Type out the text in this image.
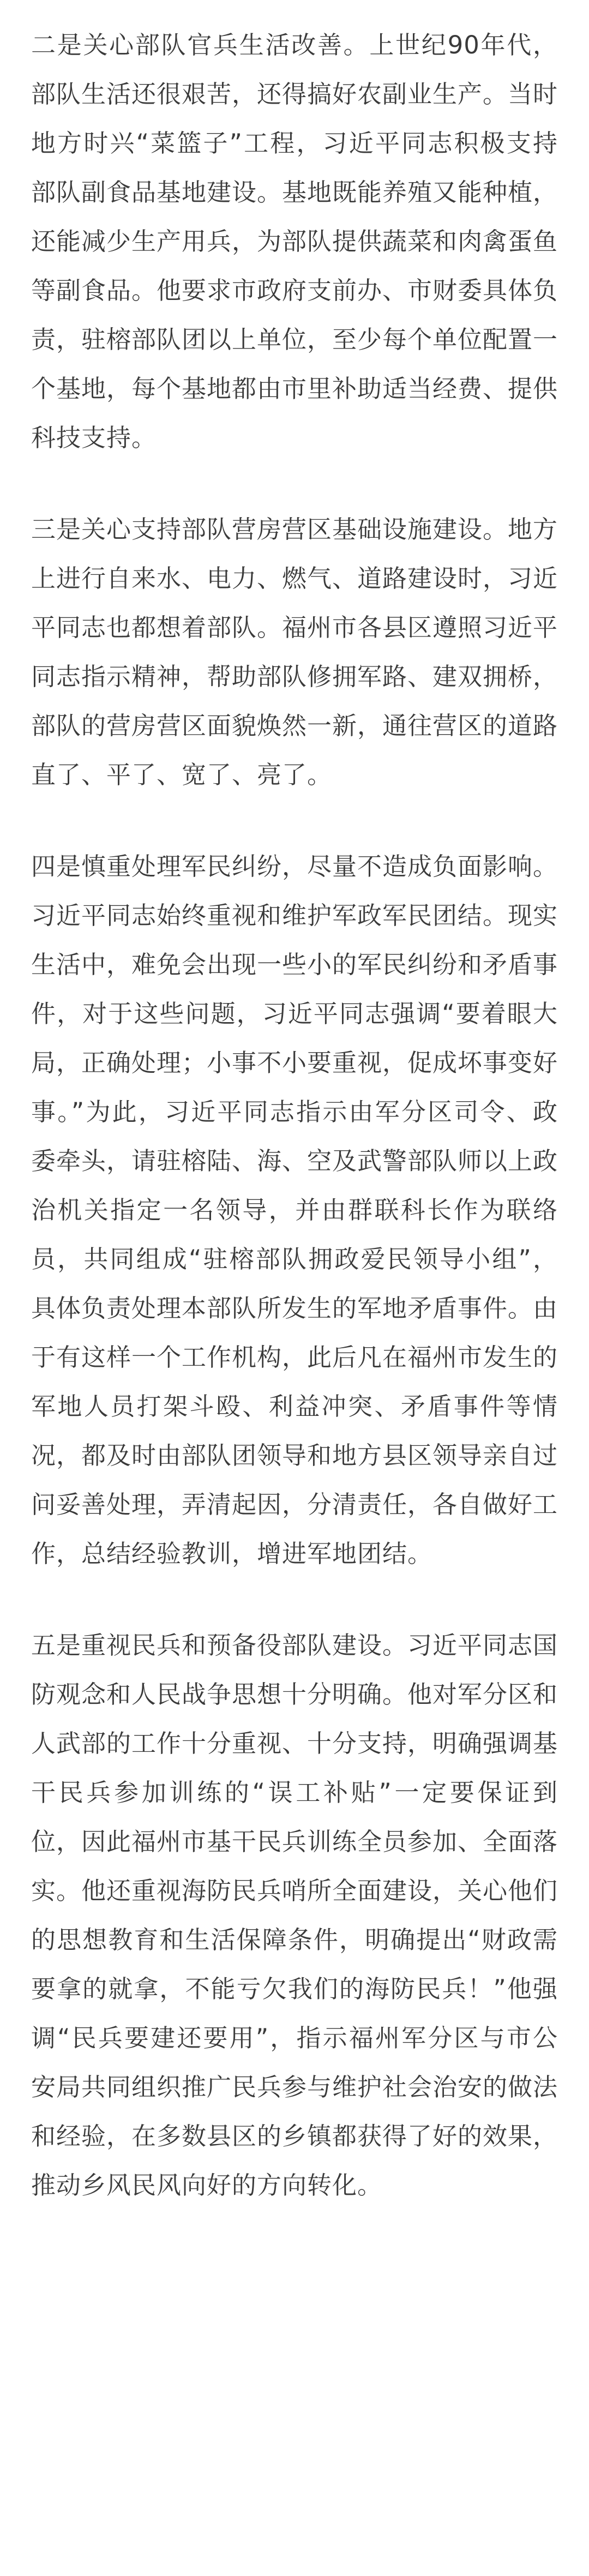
二是关心部队官兵生活改善。上世纪90年代，部队生活还很艰苦，还得搞好农副业生产。当时地方时兴“菜篮子”工程，习近平同志积极支持部队副食品基地建设。基地既能养殖又能种植，还能减少生产用兵，为部队提供蔬菜和肉禽蛋鱼等副食品。他要求市政府支前办、市财委具体负责，驻榕部队团以上单位，至少每个单位配置一个基地，每个基地都由市里补助适当经费、提供科技支持。

三是关心支持部队营房营区基础设施建设。地方上进行自来水、电力、燃气、道路建设时，习近平同志也都想着部队。福州市各县区遵照习近平同志指示精神，帮助部队修拥军路、建双拥桥，部队的营房营区面貌焕然一新，通往营区的道路直了、平了、宽了、亮了。

四是慎重处理军民纠纷，尽量不造成负面影响。习近平同志始终重视和维护军政军民团结。现实生活中，难免会出现一些小的军民纠纷和矛盾事件，对于这些问题，习近平同志强调“要着眼大局，正确处理；小事不小要重视，促成坏事变好事。”为此，习近平同志指示由军分区司令、政委牵头，请驻榕陆、海、空及武警部队师以上政治机关指定一名领导，并由群联科长作为联络员，共同组成“驻榕部队拥政爱民领导小组”，具体负责处理本部队所发生的军地矛盾事件。由于有这样一个工作机构，此后凡在福州市发生的军地人员打架斗殴、利益冲突、矛盾事件等情况，都及时由部队团领导和地方县区领导亲自过问妥善处理，弄清起因，分清责任，各自做好工作，总结经验教训，增进军地团结。

五是重视民兵和预备役部队建设。习近平同志国防观念和人民战争思想十分明确。他对军分区和人武部的工作十分重视、十分支持，明确强调基干民兵参加训练的“误工补贴”一定要保证到位，因此福州市基干民兵训练全员参加、全面落实。他还重视海防民兵哨所全面建设，关心他们的思想教育和生活保障条件，明确提出“财政需要拿的就拿，不能亏欠我们的海防民兵！”他强调“民兵要建还要用”，指示福州军分区与市公安局共同组织推广民兵参与维护社会治安的做法和经验，在多数县区的乡镇都获得了好的效果，推动乡风民风向好的方向转化。
